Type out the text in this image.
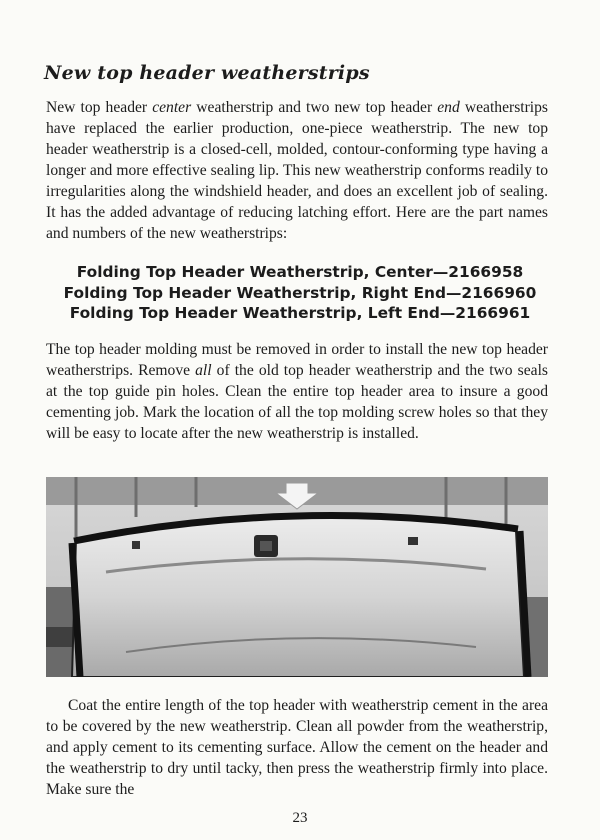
New top header weatherstrips

New top header center weatherstrip and two new top header end weatherstrips have replaced the earlier production, one-piece weatherstrip. The new top header weatherstrip is a closed-cell, molded, contour-conforming type having a longer and more effective sealing lip. This new weatherstrip conforms readily to irregularities along the windshield header, and does an excellent job of sealing. It has the added advantage of reducing latching effort. Here are the part names and numbers of the new weatherstrips:

Folding Top Header Weatherstrip, Center—2166958
Folding Top Header Weatherstrip, Right End—2166960
Folding Top Header Weatherstrip, Left End—2166961

The top header molding must be removed in order to install the new top header weatherstrips. Remove all of the old top header weatherstrip and the two seals at the top guide pin holes. Clean the entire top header area to insure a good cementing job. Mark the location of all the top molding screw holes so that they will be easy to locate after the new weatherstrip is installed.

Coat the entire length of the top header with weatherstrip cement in the area to be covered by the new weatherstrip. Clean all powder from the weatherstrip, and apply cement to its cementing surface. Allow the cement on the header and the weatherstrip to dry until tacky, then press the weatherstrip firmly into place. Make sure the

23
